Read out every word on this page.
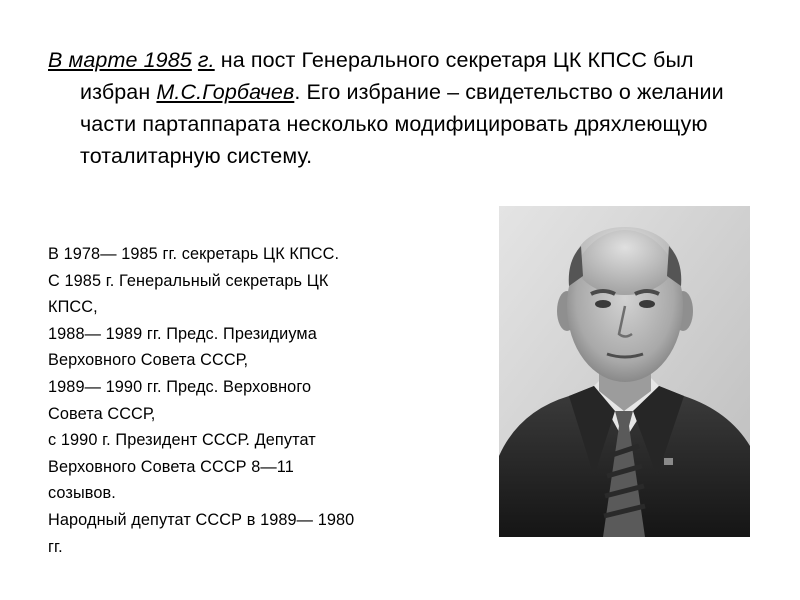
В марте 1985 г. на пост Генерального секретаря ЦК КПСС был избран М.С.Горбачев. Его избрание – свидетельство о желании части партаппарата несколько модифицировать дряхлеющую тоталитарную систему.

В 1978— 1985 гг. секретарь ЦК КПСС.
С 1985 г. Генеральный секретарь ЦК
КПСС,
1988— 1989 гг. Предс. Президиума
Верховного Совета СССР,
1989— 1990 гг. Предс. Верховного
Совета СССР,
с 1990 г. Президент СССР. Депутат
Верховного Совета СССР 8—11
созывов.
Народный депутат СССР в 1989— 1980
гг.
